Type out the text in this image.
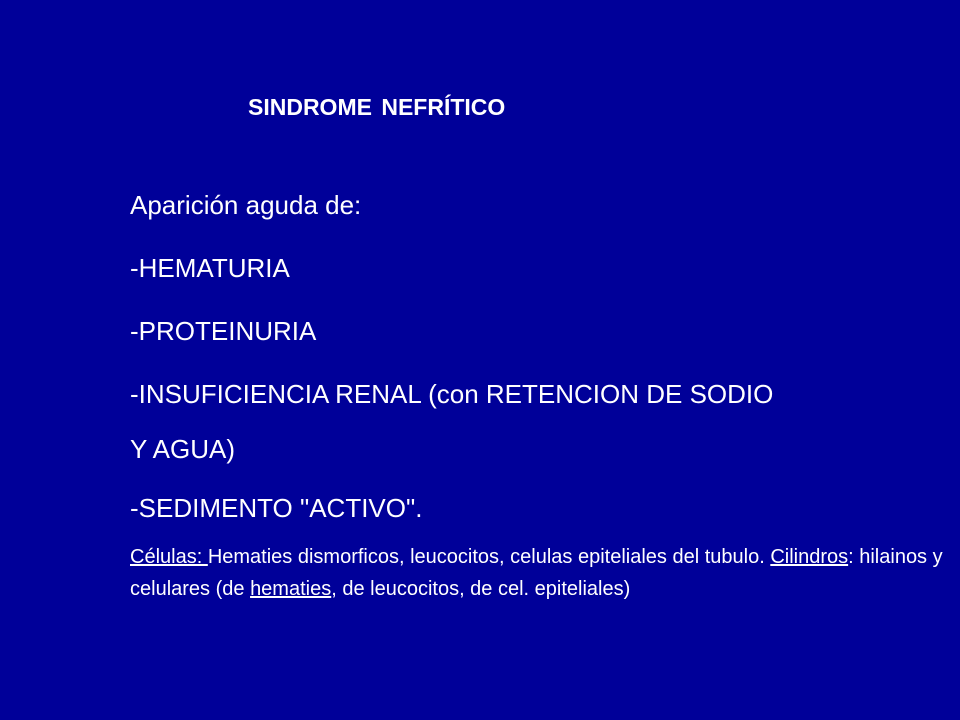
SINDROME NEFRÍTICO
Aparición aguda de:
-HEMATURIA
-PROTEINURIA
-INSUFICIENCIA RENAL (con RETENCION DE SODIO
Y AGUA)
-SEDIMENTO "ACTIVO".
Células: Hematies dismorficos, leucocitos, celulas epiteliales del tubulo. Cilindros: hilainos y celulares (de hematies, de leucocitos, de cel. epiteliales)
